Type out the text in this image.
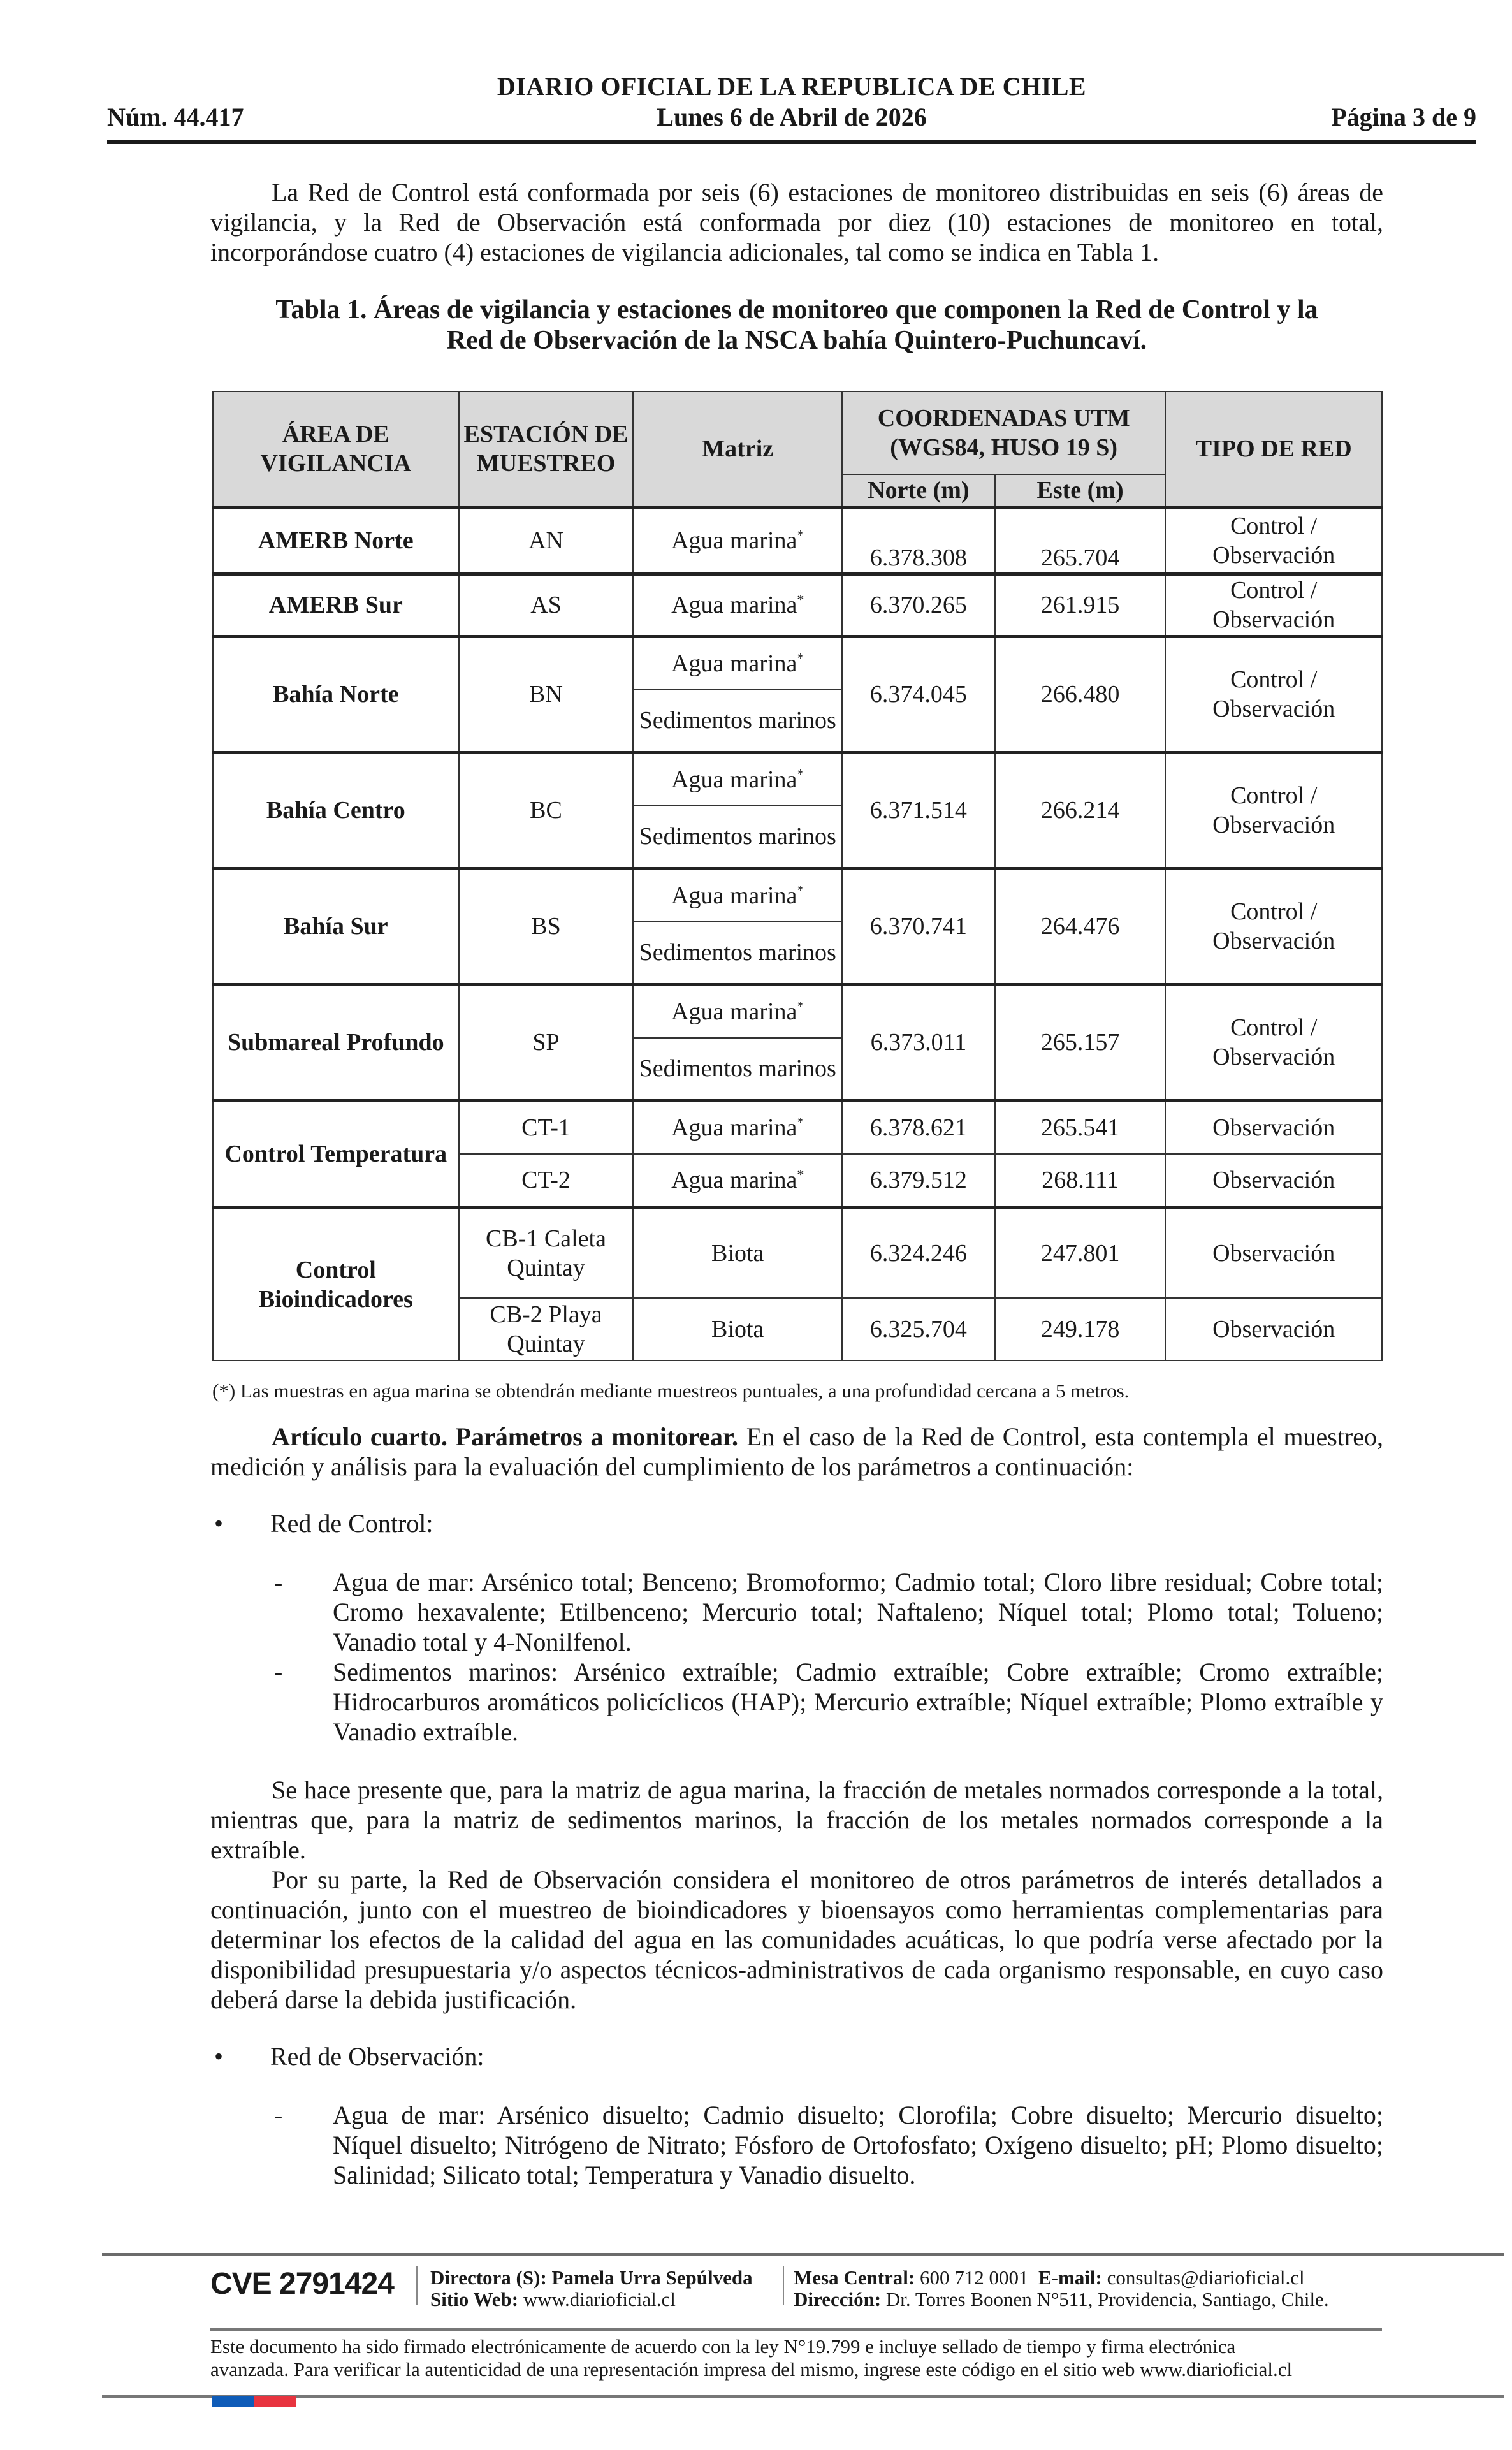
DIARIO OFICIAL DE LA REPUBLICA DE CHILE
Núm. 44.417	Lunes 6 de Abril de 2026	Página 3 de 9

La Red de Control está conformada por seis (6) estaciones de monitoreo distribuidas en seis (6) áreas de vigilancia, y la Red de Observación está conformada por diez (10) estaciones de monitoreo en total, incorporándose cuatro (4) estaciones de vigilancia adicionales, tal como se indica en Tabla 1.

Tabla 1. Áreas de vigilancia y estaciones de monitoreo que componen la Red de Control y la
Red de Observación de la NSCA bahía Quintero-Puchuncaví.
ÁREA DE VIGILANCIA	ESTACIÓN DE MUESTREO	Matriz	COORDENADAS UTM (WGS84, HUSO 19 S)		TIPO DE RED
			Norte (m)	Este (m)	
AMERB Norte	AN	Agua marina*	6.378.308	265.704	Control / Observación
AMERB Sur	AS	Agua marina*	6.370.265	261.915	Control / Observación
Bahía Norte	BN	Agua marina*	6.374.045	266.480	Control / Observación
		Sedimentos marinos			
Bahía Centro	BC	Agua marina*	6.371.514	266.214	Control / Observación
		Sedimentos marinos			
Bahía Sur	BS	Agua marina*	6.370.741	264.476	Control / Observación
		Sedimentos marinos			
Submareal Profundo	SP	Agua marina*	6.373.011	265.157	Control / Observación
		Sedimentos marinos			
Control Temperatura	CT-1	Agua marina*	6.378.621	265.541	Observación
	CT-2	Agua marina*	6.379.512	268.111	Observación
Control Bioindicadores	CB-1 Caleta Quintay	Biota	6.324.246	247.801	Observación
	CB-2 Playa Quintay	Biota	6.325.704	249.178	Observación
(*) Las muestras en agua marina se obtendrán mediante muestreos puntuales, a una profundidad cercana a 5 metros.

Artículo cuarto. Parámetros a monitorear. En el caso de la Red de Control, esta contempla el muestreo, medición y análisis para la evaluación del cumplimiento de los parámetros a continuación:

• Red de Control:
- Agua de mar: Arsénico total; Benceno; Bromoformo; Cadmio total; Cloro libre residual; Cobre total; Cromo hexavalente; Etilbenceno; Mercurio total; Naftaleno; Níquel total; Plomo total; Tolueno; Vanadio total y 4-Nonilfenol.
- Sedimentos marinos: Arsénico extraíble; Cadmio extraíble; Cobre extraíble; Cromo extraíble; Hidrocarburos aromáticos policíclicos (HAP); Mercurio extraíble; Níquel extraíble; Plomo extraíble y Vanadio extraíble.

Se hace presente que, para la matriz de agua marina, la fracción de metales normados corresponde a la total, mientras que, para la matriz de sedimentos marinos, la fracción de los metales normados corresponde a la extraíble.

Por su parte, la Red de Observación considera el monitoreo de otros parámetros de interés detallados a continuación, junto con el muestreo de bioindicadores y bioensayos como herramientas complementarias para determinar los efectos de la calidad del agua en las comunidades acuáticas, lo que podría verse afectado por la disponibilidad presupuestaria y/o aspectos técnicos-administrativos de cada organismo responsable, en cuyo caso deberá darse la debida justificación.

• Red de Observación:
- Agua de mar: Arsénico disuelto; Cadmio disuelto; Clorofila; Cobre disuelto; Mercurio disuelto; Níquel disuelto; Nitrógeno de Nitrato; Fósforo de Ortofosfato; Oxígeno disuelto; pH; Plomo disuelto; Salinidad; Silicato total; Temperatura y Vanadio disuelto.
CVE 2791424 Directora (S): Pamela Urra Sepúlveda
Sitio Web: www.diarioficial.cl
Mesa Central: 600 712 0001 E-mail: consultas@diarioficial.cl
Dirección: Dr. Torres Boonen N°511, Providencia, Santiago, Chile.
Este documento ha sido firmado electrónicamente de acuerdo con la ley N°19.799 e incluye sellado de tiempo y firma electrónica
avanzada. Para verificar la autenticidad de una representación impresa del mismo, ingrese este código en el sitio web www.diarioficial.cl
